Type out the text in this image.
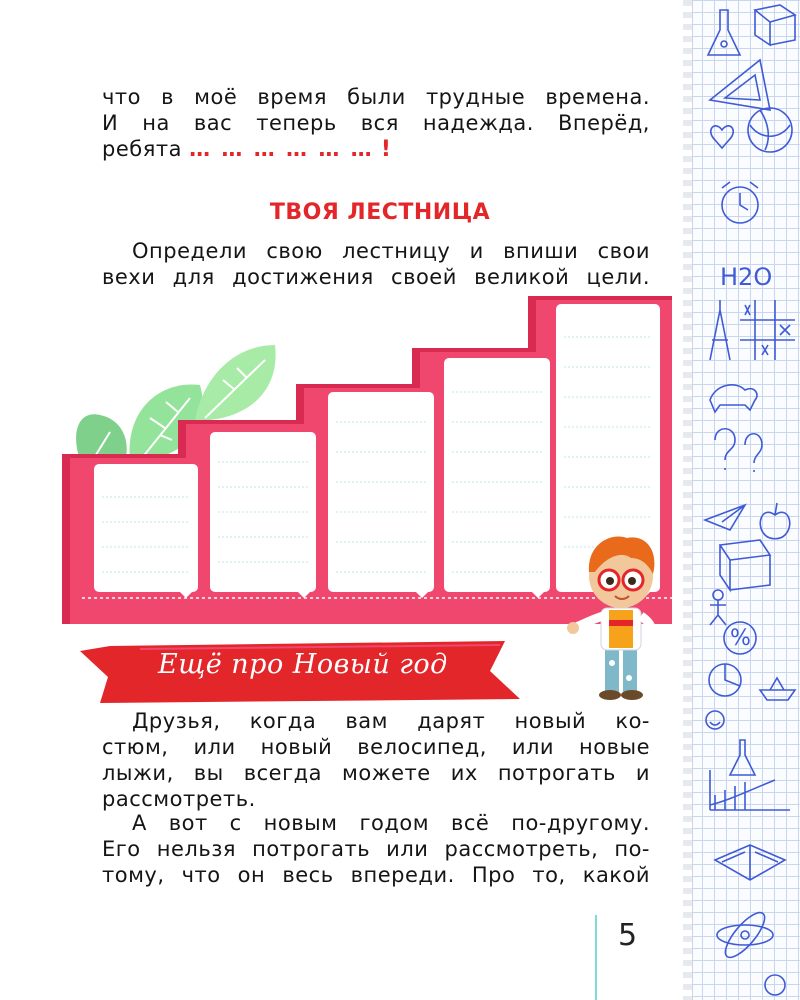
что в моё время были трудные времена.
И на вас теперь вся надежда. Вперёд,
ребята … … … … … … !
ТВОЯ ЛЕСТНИЦА
Определи свою лестницу и впиши свои
вехи для достижения своей великой цели.
Ещё про Новый год
Друзья, когда вам дарят новый ко-
стюм, или новый велосипед, или новые
лыжи, вы всегда можете их потрогать и
рассмотреть.
А вот с новым годом всё по-другому.
Его нельзя потрогать или рассмотреть, по-
тому, что он весь впереди. Про то, какой
5
H2O
%
